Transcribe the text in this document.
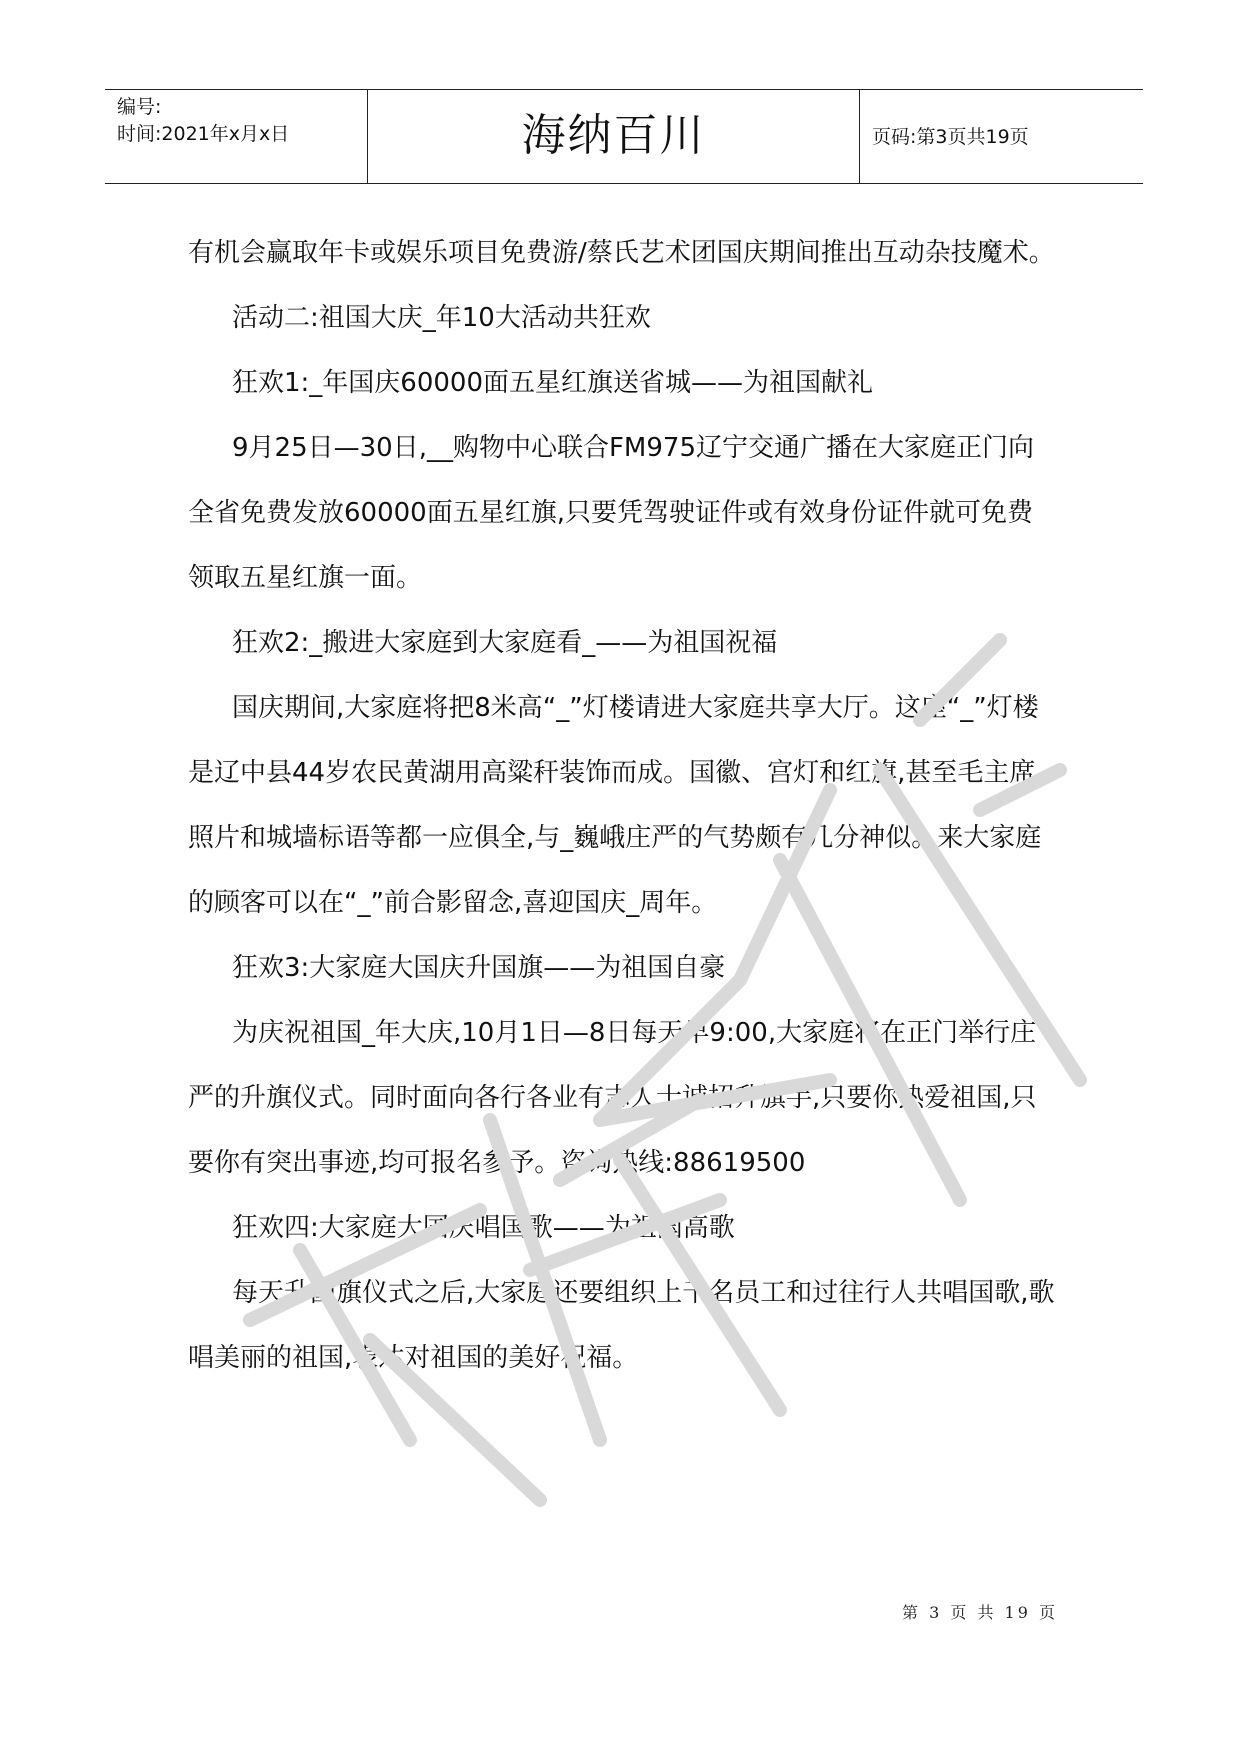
编号:
时间:2021年x月x日	海纳百川	页码:第3页共19页

有机会赢取年卡或娱乐项目免费游/蔡氏艺术团国庆期间推出互动杂技魔术。

活动二:祖国大庆_年10大活动共狂欢

狂欢1:_年国庆60000面五星红旗送省城——为祖国献礼

9月25日—30日,__购物中心联合FM975辽宁交通广播在大家庭正门向全省免费发放60000面五星红旗,只要凭驾驶证件或有效身份证件就可免费领取五星红旗一面。

狂欢2:_搬进大家庭到大家庭看_——为祖国祝福

国庆期间,大家庭将把8米高“_”灯楼请进大家庭共享大厅。这座“_”灯楼是辽中县44岁农民黄湖用高粱秆装饰而成。国徽、宫灯和红旗,甚至毛主席照片和城墙标语等都一应俱全,与_巍峨庄严的气势颇有几分神似。来大家庭的顾客可以在“_”前合影留念,喜迎国庆_周年。

狂欢3:大家庭大国庆升国旗——为祖国自豪

为庆祝祖国_年大庆,10月1日—8日每天早9:00,大家庭将在正门举行庄严的升旗仪式。同时面向各行各业有志人士诚招升旗手,只要你热爱祖国,只要你有突出事迹,均可报名参予。咨询热线:88619500

狂欢四:大家庭大国庆唱国歌——为祖国高歌

每天升国旗仪式之后,大家庭还要组织上千名员工和过往行人共唱国歌,歌唱美丽的祖国,表达对祖国的美好祝福。

第 3 页 共 19 页
